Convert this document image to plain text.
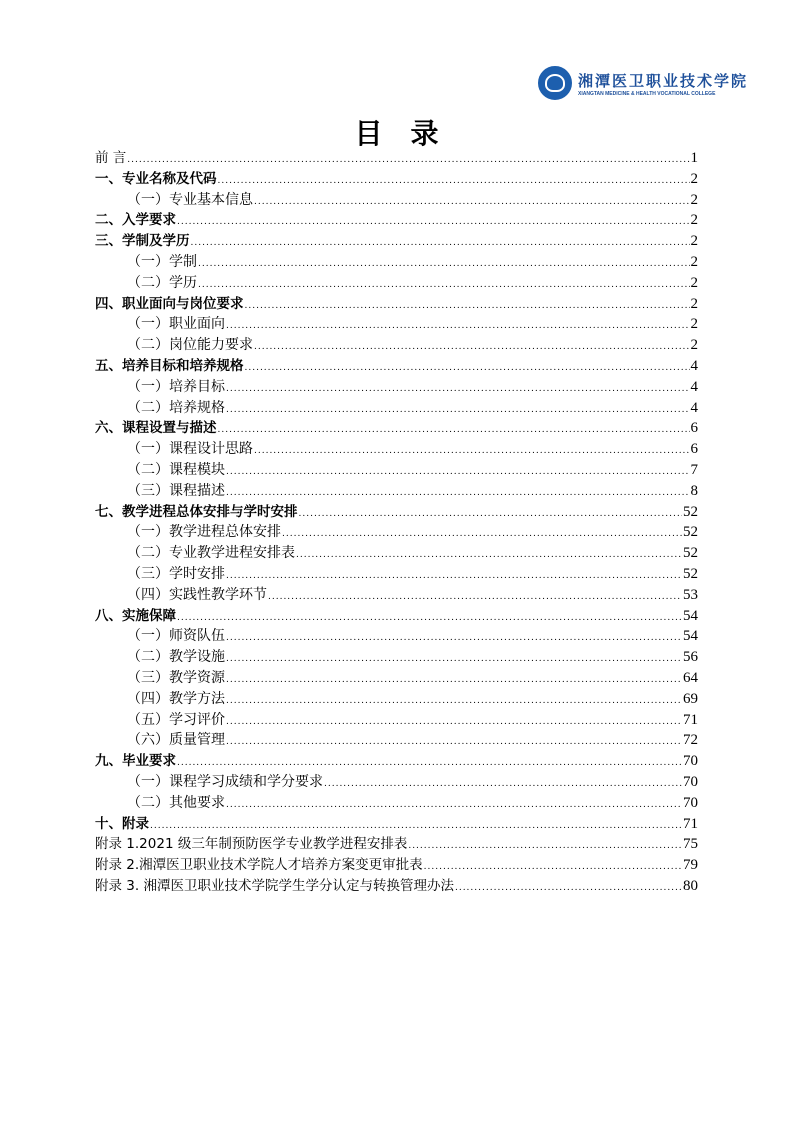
湘潭医卫职业技术学院
XIANGTAN MEDICINE & HEALTH VOCATIONAL COLLEGE
目录
前 言 .....	1
一、专业名称及代码 .....	2
（一）专业基本信息 .....	2
二、入学要求 .....	2
三、学制及学历 .....	2
（一）学制 .....	2
（二）学历 .....	2
四、职业面向与岗位要求 .....	2
（一）职业面向 .....	2
（二）岗位能力要求 .....	2
五、培养目标和培养规格 .....	4
（一）培养目标 .....	4
（二）培养规格 .....	4
六、课程设置与描述 .....	6
（一）课程设计思路 .....	6
（二）课程模块 .....	7
（三）课程描述 .....	8
七、教学进程总体安排与学时安排 .....	52
（一）教学进程总体安排 .....	52
（二）专业教学进程安排表 .....	52
（三）学时安排 .....	52
（四）实践性教学环节 .....	53
八、实施保障 .....	54
（一）师资队伍 .....	54
（二）教学设施 .....	56
（三）教学资源 .....	64
（四）教学方法 .....	69
（五）学习评价 .....	71
（六）质量管理 .....	72
九、毕业要求 .....	70
（一）课程学习成绩和学分要求 .....	70
（二）其他要求 .....	70
十、附录 .....	71
附录 1.2021 级三年制预防医学专业教学进程安排表 .....	75
附录 2.湘潭医卫职业技术学院人才培养方案变更审批表 .....	79
附录 3. 湘潭医卫职业技术学院学生学分认定与转换管理办法 .....	80
